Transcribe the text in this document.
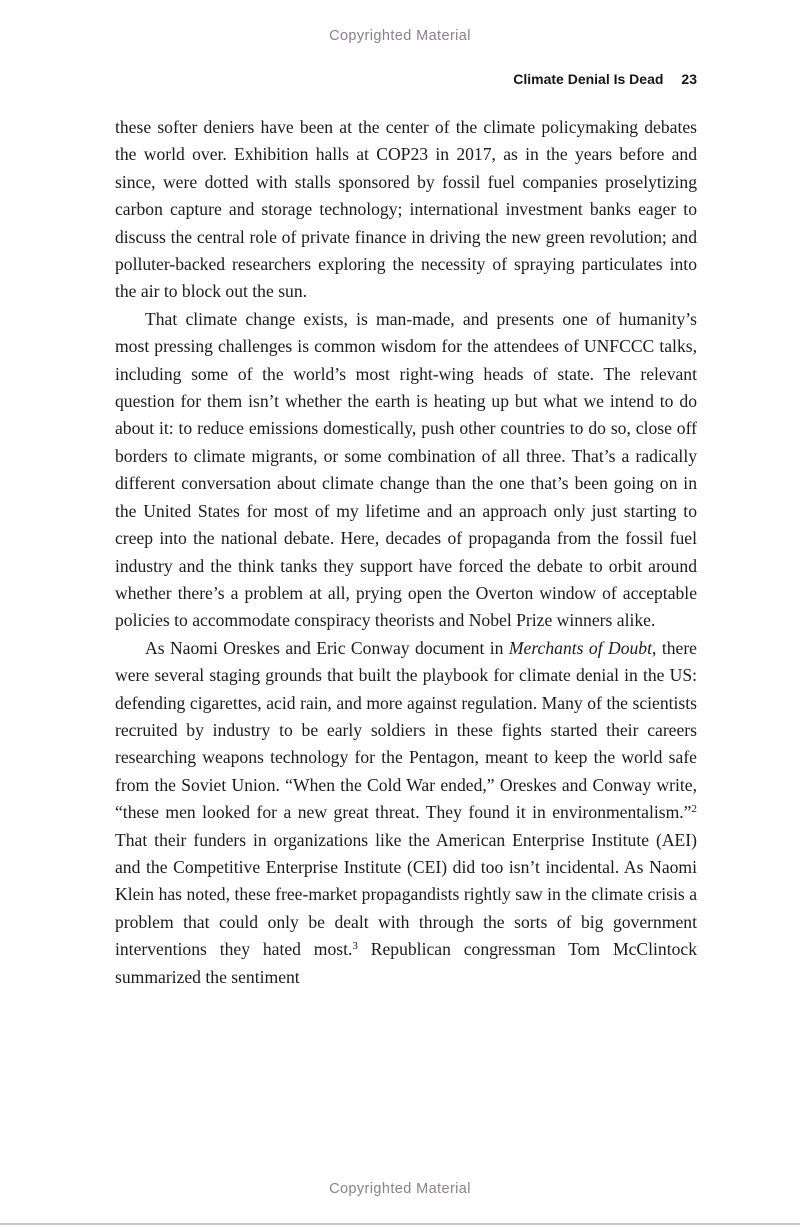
Copyrighted Material
Climate Denial Is Dead 23

these softer deniers have been at the center of the climate policymaking debates the world over. Exhibition halls at COP23 in 2017, as in the years before and since, were dotted with stalls sponsored by fossil fuel companies proselytizing carbon capture and storage technology; international investment banks eager to discuss the central role of private finance in driving the new green revolution; and polluter-backed researchers exploring the necessity of spraying particulates into the air to block out the sun.

That climate change exists, is man-made, and presents one of humanity’s most pressing challenges is common wisdom for the attendees of UNFCCC talks, including some of the world’s most right-wing heads of state. The relevant question for them isn’t whether the earth is heating up but what we intend to do about it: to reduce emissions domestically, push other countries to do so, close off borders to climate migrants, or some combination of all three. That’s a radically different conversation about climate change than the one that’s been going on in the United States for most of my lifetime and an approach only just starting to creep into the national debate. Here, decades of propaganda from the fossil fuel industry and the think tanks they support have forced the debate to orbit around whether there’s a problem at all, prying open the Overton window of acceptable policies to accommodate conspiracy theorists and Nobel Prize winners alike.

As Naomi Oreskes and Eric Conway document in Merchants of Doubt, there were several staging grounds that built the playbook for climate denial in the US: defending cigarettes, acid rain, and more against regulation. Many of the scientists recruited by industry to be early soldiers in these fights started their careers researching weapons technology for the Pentagon, meant to keep the world safe from the Soviet Union. “When the Cold War ended,” Oreskes and Conway write, “these men looked for a new great threat. They found it in environmentalism.”$^2$ That their funders in organizations like the American Enterprise Institute (AEI) and the Competitive Enterprise Institute (CEI) did too isn’t incidental. As Naomi Klein has noted, these free-market propagandists rightly saw in the climate crisis a problem that could only be dealt with through the sorts of big government interventions they hated most.$^3$ Republican congressman Tom McClintock summarized the sentiment

Copyrighted Material
